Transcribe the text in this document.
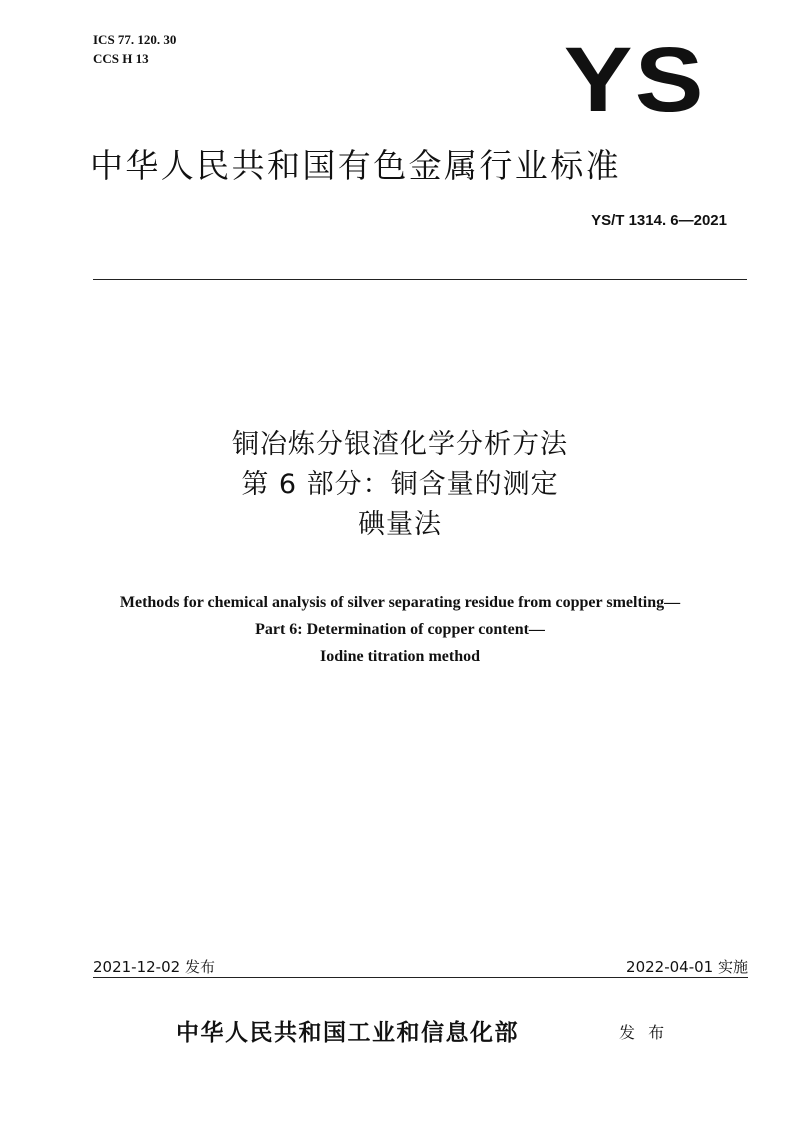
ICS 77. 120. 30
CCS H 13	YS
中华人民共和国有色金属行业标准
YS/T 1314. 6—2021
铜冶炼分银渣化学分析方法
第 6 部分：铜含量的测定
碘量法
Methods for chemical analysis of silver separating residue from copper smelting—
Part 6: Determination of copper content—
Iodine titration method
2021-12-02 发布	2022-04-01 实施
中华人民共和国工业和信息化部	发 布
